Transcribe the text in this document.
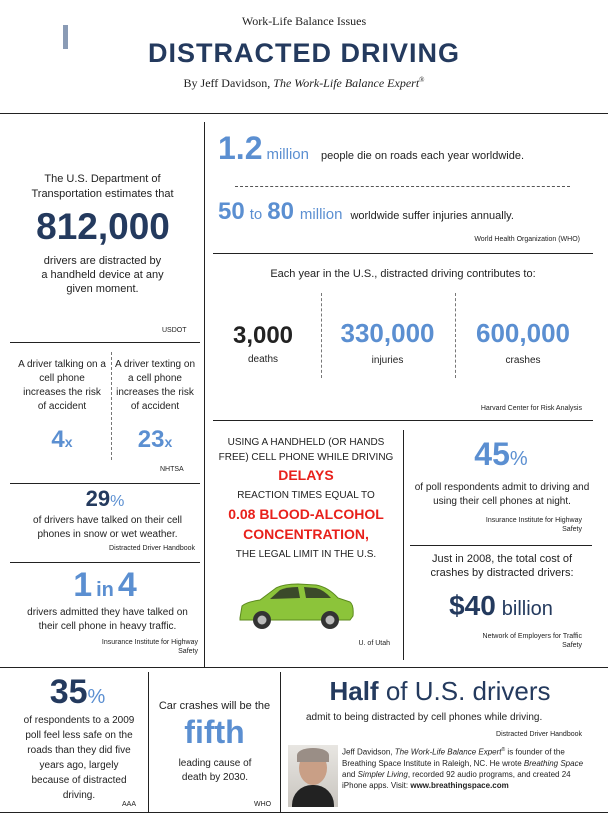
Work-Life Balance Issues
DISTRACTED DRIVING
By Jeff Davidson, The Work-Life Balance Expert®
The U.S. Department of Transportation estimates that
812,000
drivers are distracted by a handheld device at any given moment.
USDOT
1.2 million people die on roads each year worldwide.
50 to 80 million worldwide suffer injuries annually.
World Health Organization (WHO)
Each year in the U.S., distracted driving contributes to:
3,000
deaths
330,000
injuries
600,000
crashes
Harvard Center for Risk Analysis
A driver talking on a cell phone increases the risk of accident
4x
A driver texting on a cell phone increases the risk of accident
23x
NHTSA
29%
of drivers have talked on their cell phones in snow or wet weather.
Distracted Driver Handbook
1 in 4
drivers admitted they have talked on their cell phone in heavy traffic.
Insurance Institute for Highway Safety
USING A HANDHELD (OR HANDS FREE) CELL PHONE WHILE DRIVING
DELAYS
REACTION TIMES EQUAL TO
0.08 BLOOD-ALCOHOL CONCENTRATION,
THE LEGAL LIMIT IN THE U.S.
U. of Utah
45%
of poll respondents admit to driving and using their cell phones at night.
Insurance Institute for Highway Safety
Just in 2008, the total cost of crashes by distracted drivers:
$40 billion
Network of Employers for Traffic Safety
35%
of respondents to a 2009 poll feel less safe on the roads than they did five years ago, largely because of distracted driving.
AAA
Car crashes will be the
fifth
leading cause of death by 2030.
WHO
Half of U.S. drivers
admit to being distracted by cell phones while driving.
Distracted Driver Handbook
Jeff Davidson, The Work-Life Balance Expert® is founder of the Breathing Space Institute in Raleigh, NC. He wrote Breathing Space and Simpler Living, recorded 92 audio programs, and created 24 iPhone apps. Visit: www.breathingspace.com
